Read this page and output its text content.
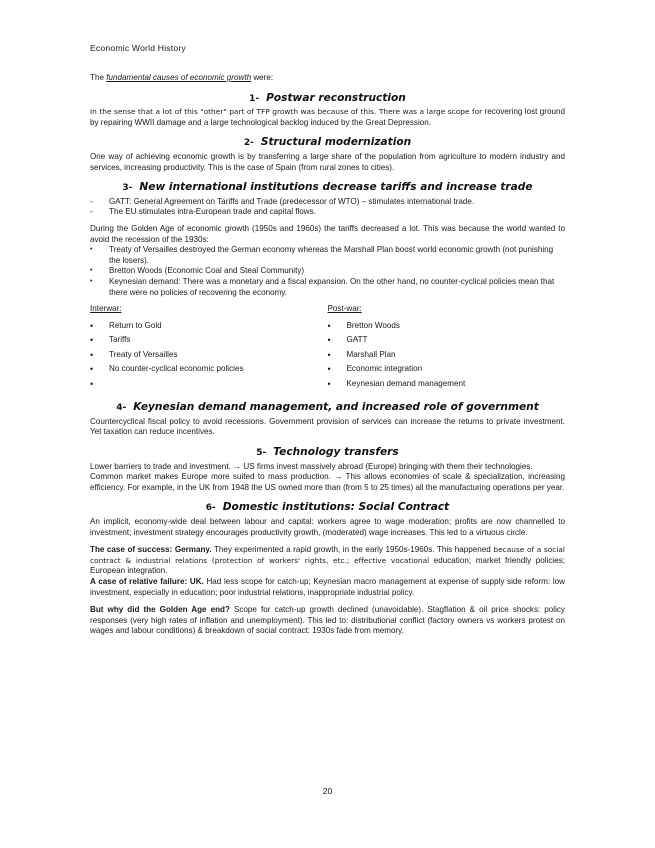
Economic World History

The fundamental causes of economic growth were:

1- Postwar reconstruction

In the sense that a lot of this "other" part of TFP growth was because of this. There was a large scope for recovering lost ground by repairing WWII damage and a large technological backlog induced by the Great Depression.

2- Structural modernization

One way of achieving economic growth is by transferring a large share of the population from agriculture to modern industry and services, increasing productivity. This is the case of Spain (from rural zones to cities).

3- New international institutions decrease tariffs and increase trade
- GATT: General Agreement on Tariffs and Trade (predecessor of WTO) – stimulates international trade.
- The EU stimulates intra-European trade and capital flows.

During the Golden Age of economic growth (1950s and 1960s) the tariffs decreased a lot. This was because the world wanted to avoid the recession of the 1930s:

• Treaty of Versailles destroyed the German economy whereas the Marshall Plan boost world economic growth (not punishing the losers).
• Bretton Woods (Economic Coal and Steal Community)
• Keynesian demand: There was a monetary and a fiscal expansion. On the other hand, no counter-cyclical policies mean that there were no policies of recovering the economy.
Interwar:
• Return to Gold
• Tariffs
• Treaty of Versailles
• No counter-cyclical economic policies
•
Post-war:
• Bretton Woods
• GATT
• Marshall Plan
• Economic integration
• Keynesian demand management
4- Keynesian demand management, and increased role of government

Countercyclical fiscal policy to avoid recessions. Government provision of services can increase the returns to private investment. Yet taxation can reduce incentives.

5- Technology transfers

Lower barriers to trade and investment. → US firms invest massively abroad (Europe) bringing with them their technologies.

Common market makes Europe more suited to mass production. → This allows economies of scale & specialization, increasing efficiency. For example, in the UK from 1948 the US owned more than (from 5 to 25 times) all the manufacturing operations per year.

6- Domestic institutions: Social Contract

An implicit, economy-wide deal between labour and capital: workers agree to wage moderation; profits are now channelled to investment; investment strategy encourages productivity growth, (moderated) wage increases. This led to a virtuous circle.

The case of success: Germany. They experimented a rapid growth, in the early 1950s-1960s. This happened because of a social contract & industrial relations (protection of workers' rights, etc.; effective vocational education; market friendly policies; European integration.

A case of relative failure: UK. Had less scope for catch-up; Keynesian macro management at expense of supply side reform: low investment, especially in education; poor industrial relations, inappropriate industrial policy.

But why did the Golden Age end? Scope for catch-up growth declined (unavoidable). Stagflation & oil price shocks: policy responses (very high rates of inflation and unemployment). This led to: distributional conflict (factory owners vs workers protest on wages and labour conditions) & breakdown of social contract: 1930s fade from memory.

20
